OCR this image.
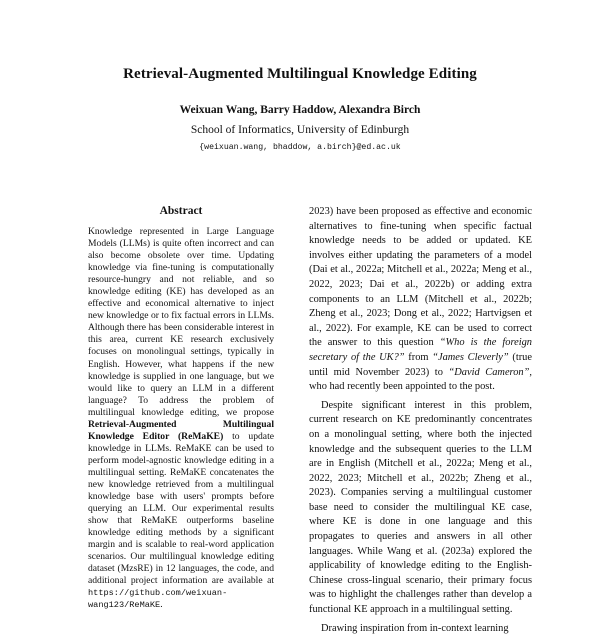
Retrieval-Augmented Multilingual Knowledge Editing
Weixuan Wang, Barry Haddow, Alexandra Birch
School of Informatics, University of Edinburgh
{weixuan.wang, bhaddow, a.birch}@ed.ac.uk
Abstract

Knowledge represented in Large Language Models (LLMs) is quite often incorrect and can also become obsolete over time. Updating knowledge via fine-tuning is computationally resource-hungry and not reliable, and so knowledge editing (KE) has developed as an effective and economical alternative to inject new knowledge or to fix factual errors in LLMs. Although there has been considerable interest in this area, current KE research exclusively focuses on monolingual settings, typically in English. However, what happens if the new knowledge is supplied in one language, but we would like to query an LLM in a different language? To address the problem of multilingual knowledge editing, we propose Retrieval-Augmented Multilingual Knowledge Editor (ReMaKE) to update knowledge in LLMs. ReMaKE can be used to perform model-agnostic knowledge editing in a multilingual setting. ReMaKE concatenates the new knowledge retrieved from a multilingual knowledge base with users' prompts before querying an LLM. Our experimental results show that ReMaKE outperforms baseline knowledge editing methods by a significant margin and is scalable to real-word application scenarios. Our multilingual knowledge editing dataset (MzsRE) in 12 languages, the code, and additional project information are available at https://github.com/weixuan-wang123/ReMaKE.

2023) have been proposed as effective and economic alternatives to fine-tuning when specific factual knowledge needs to be added or updated. KE involves either updating the parameters of a model (Dai et al., 2022a; Mitchell et al., 2022a; Meng et al., 2022, 2023; Dai et al., 2022b) or adding extra components to an LLM (Mitchell et al., 2022b; Zheng et al., 2023; Dong et al., 2022; Hartvigsen et al., 2022). For example, KE can be used to correct the answer to this question “Who is the foreign secretary of the UK?” from “James Cleverly” (true until mid November 2023) to “David Cameron”, who had recently been appointed to the post.

Despite significant interest in this problem, current research on KE predominantly concentrates on a monolingual setting, where both the injected knowledge and the subsequent queries to the LLM are in English (Mitchell et al., 2022a; Meng et al., 2022, 2023; Mitchell et al., 2022b; Zheng et al., 2023). Companies serving a multilingual customer base need to consider the multilingual KE case, where KE is done in one language and this propagates to queries and answers in all other languages. While Wang et al. (2023a) explored the applicability of knowledge editing to the English-Chinese cross-lingual scenario, their primary focus was to highlight the challenges rather than develop a functional KE approach in a multilingual setting.

Drawing inspiration from in-context learning
